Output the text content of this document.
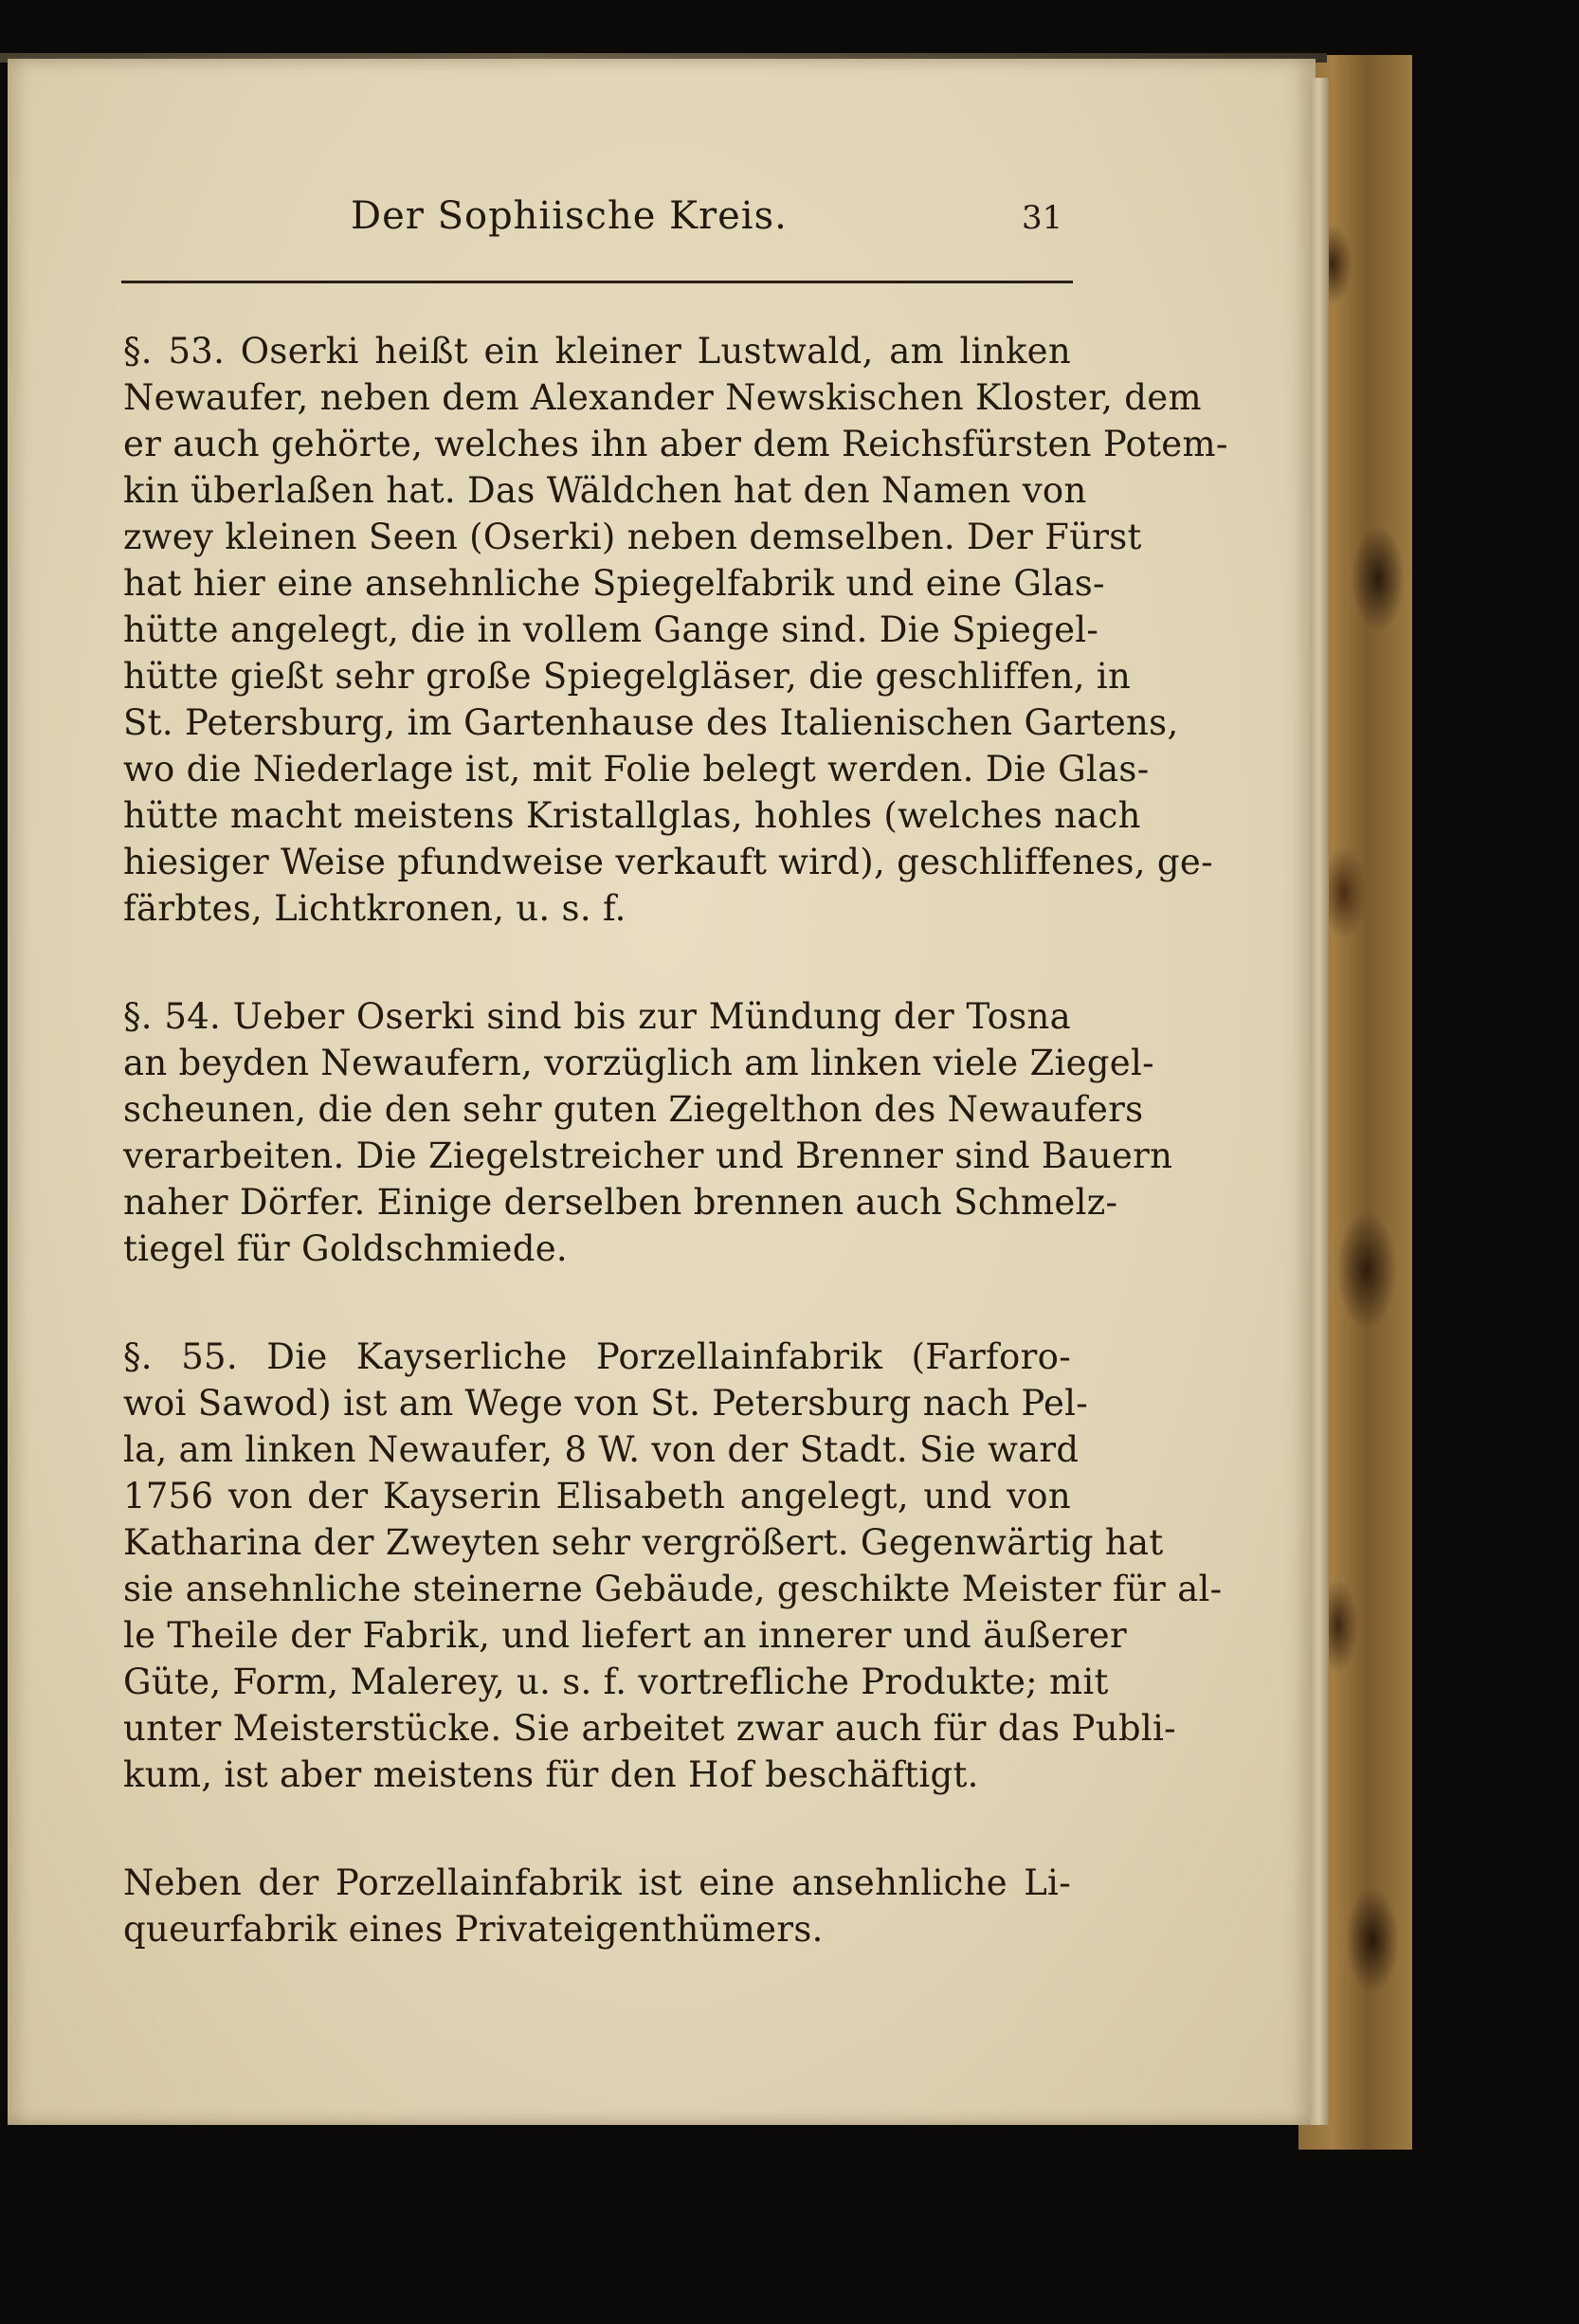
Der Sophiische Kreis.	31
§. 53. Oserki heißt ein kleiner Lustwald, am linken
Newaufer, neben dem Alexander Newskischen Kloster, dem
er auch gehörte, welches ihn aber dem Reichsfürsten Potem-
kin überlaßen hat. Das Wäldchen hat den Namen von
zwey kleinen Seen (Oserki) neben demselben. Der Fürst
hat hier eine ansehnliche Spiegelfabrik und eine Glas-
hütte angelegt, die in vollem Gange sind. Die Spiegel-
hütte gießt sehr große Spiegelgläser, die geschliffen, in
St. Petersburg, im Gartenhause des Italienischen Gartens,
wo die Niederlage ist, mit Folie belegt werden. Die Glas-
hütte macht meistens Kristallglas, hohles (welches nach
hiesiger Weise pfundweise verkauft wird), geschliffenes, ge-
färbtes, Lichtkronen, u. s. f.
§. 54. Ueber Oserki sind bis zur Mündung der Tosna
an beyden Newaufern, vorzüglich am linken viele Ziegel-
scheunen, die den sehr guten Ziegelthon des Newaufers
verarbeiten. Die Ziegelstreicher und Brenner sind Bauern
naher Dörfer. Einige derselben brennen auch Schmelz-
tiegel für Goldschmiede.
§. 55. Die Kayserliche Porzellainfabrik (Farforo-
woi Sawod) ist am Wege von St. Petersburg nach Pel-
la, am linken Newaufer, 8 W. von der Stadt. Sie ward
1756 von der Kayserin Elisabeth angelegt, und von
Katharina der Zweyten sehr vergrößert. Gegenwärtig hat
sie ansehnliche steinerne Gebäude, geschikte Meister für al-
le Theile der Fabrik, und liefert an innerer und äußerer
Güte, Form, Malerey, u. s. f. vortrefliche Produkte; mit
unter Meisterstücke. Sie arbeitet zwar auch für das Publi-
kum, ist aber meistens für den Hof beschäftigt.
Neben der Porzellainfabrik ist eine ansehnliche Li-
queurfabrik eines Privateigenthümers.
